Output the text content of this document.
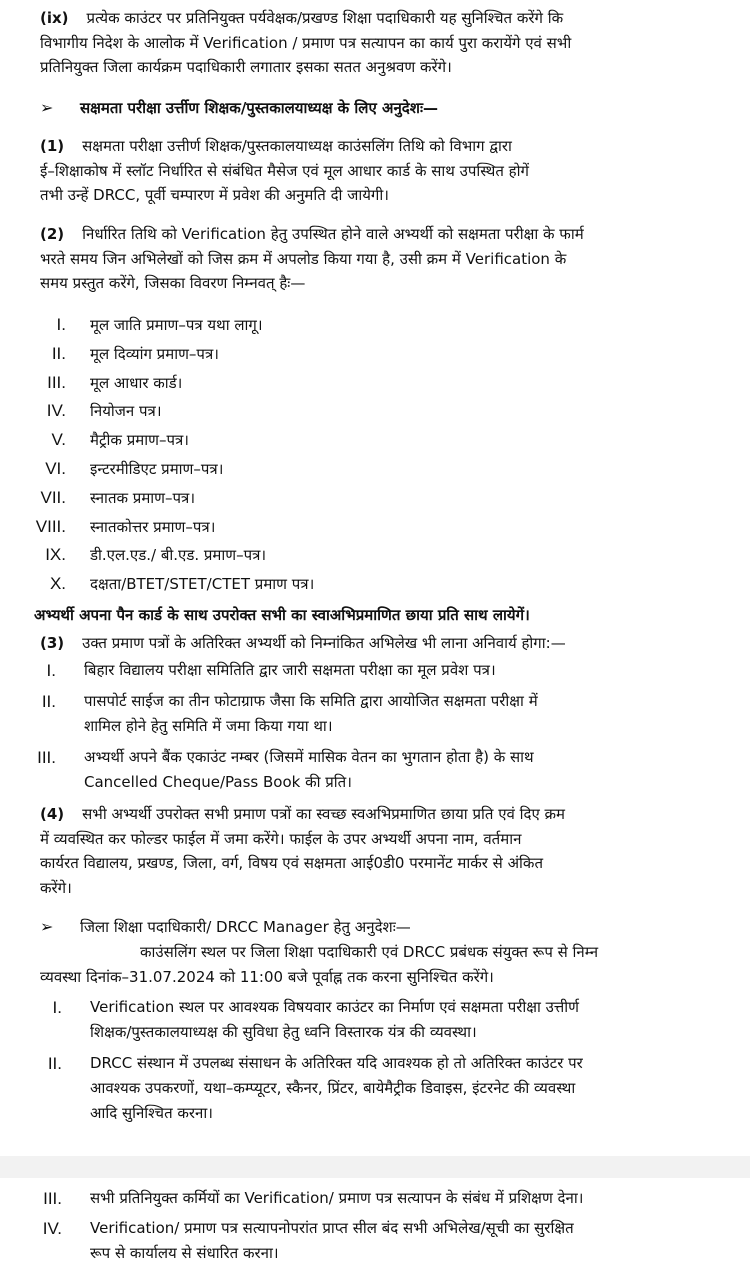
(ix) प्रत्येक काउंटर पर प्रतिनियुक्त पर्यवेक्षक/प्रखण्ड शिक्षा पदाधिकारी यह सुनिश्चित करेंगे कि
विभागीय निदेश के आलोक में Verification / प्रमाण पत्र सत्यापन का कार्य पुरा करायेंगे एवं सभी
प्रतिनियुक्त जिला कार्यक्रम पदाधिकारी लगातार इसका सतत अनुश्रवण करेंगे।
➢ सक्षमता परीक्षा उर्त्तीण शिक्षक/पुस्तकालयाध्यक्ष के लिए अनुदेशः—
(1) सक्षमता परीक्षा उत्तीर्ण शिक्षक/पुस्तकालयाध्यक्ष काउंसलिंग तिथि को विभाग द्वारा
ई–शिक्षाकोष में स्लॉट निर्धारित से संबंधित मैसेज एवं मूल आधार कार्ड के साथ उपस्थित होगें
तभी उन्हें DRCC, पूर्वी चम्पारण में प्रवेश की अनुमति दी जायेगी।
(2) निर्धारित तिथि को Verification हेतु उपस्थित होने वाले अभ्यर्थी को सक्षमता परीक्षा के फार्म
भरते समय जिन अभिलेखों को जिस क्रम में अपलोड किया गया है, उसी क्रम में Verification के
समय प्रस्तुत करेंगे, जिसका विवरण निम्नवत् हैः—
I. मूल जाति प्रमाण–पत्र यथा लागू।
II. मूल दिव्यांग प्रमाण–पत्र।
III. मूल आधार कार्ड।
IV. नियोजन पत्र।
V. मैट्रीक प्रमाण–पत्र।
VI. इन्टरमीडिएट प्रमाण–पत्र।
VII. स्नातक प्रमाण–पत्र।
VIII. स्नातकोत्तर प्रमाण–पत्र।
IX. डी.एल.एड./ बी.एड. प्रमाण–पत्र।
X. दक्षता/BTET/STET/CTET प्रमाण पत्र।
अभ्यर्थी अपना पैन कार्ड के साथ उपरोक्त सभी का स्वाअभिप्रमाणित छाया प्रति साथ लायेगें।
(3) उक्त प्रमाण पत्रों के अतिरिक्त अभ्यर्थी को निम्नांकित अभिलेख भी लाना अनिवार्य होगा:—
I. बिहार विद्यालय परीक्षा समितिति द्वार जारी सक्षमता परीक्षा का मूल प्रवेश पत्र।
II. पासपोर्ट साईज का तीन फोटाग्राफ जैसा कि समिति द्वारा आयोजित सक्षमता परीक्षा में
शामिल होने हेतु समिति में जमा किया गया था।
III. अभ्यर्थी अपने बैंक एकाउंट नम्बर (जिसमें मासिक वेतन का भुगतान होता है) के साथ
Cancelled Cheque/Pass Book की प्रति।
(4) सभी अभ्यर्थी उपरोक्त सभी प्रमाण पत्रों का स्वच्छ स्वअभिप्रमाणित छाया प्रति एवं दिए क्रम
में व्यवस्थित कर फोल्डर फाईल में जमा करेंगे। फाईल के उपर अभ्यर्थी अपना नाम, वर्तमान
कार्यरत विद्यालय, प्रखण्ड, जिला, वर्ग, विषय एवं सक्षमता आई0डी0 परमानेंट मार्कर से अंकित
करेंगे।
➢ जिला शिक्षा पदाधिकारी/ DRCC Manager हेतु अनुदेशः—
काउंसलिंग स्थल पर जिला शिक्षा पदाधिकारी एवं DRCC प्रबंधक संयुक्त रूप से निम्न
व्यवस्था दिनांक–31.07.2024 को 11:00 बजे पूर्वाह्न तक करना सुनिश्चित करेंगे।
I. Verification स्थल पर आवश्यक विषयवार काउंटर का निर्माण एवं सक्षमता परीक्षा उत्तीर्ण
शिक्षक/पुस्तकालयाध्यक्ष की सुविधा हेतु ध्वनि विस्तारक यंत्र की व्यवस्था।
II. DRCC संस्थान में उपलब्ध संसाधन के अतिरिक्त यदि आवश्यक हो तो अतिरिक्त काउंटर पर
आवश्यक उपकरणों, यथा–कम्प्यूटर, स्कैनर, प्रिंटर, बायेमैट्रीक डिवाइस, इंटरनेट की व्यवस्था
आदि सुनिश्चित करना।
III. सभी प्रतिनियुक्त कर्मियों का Verification/ प्रमाण पत्र सत्यापन के संबंध में प्रशिक्षण देना।
IV. Verification/ प्रमाण पत्र सत्यापनोपरांत प्राप्त सील बंद सभी अभिलेख/सूची का सुरक्षित
रूप से कार्यालय से संधारित करना।
